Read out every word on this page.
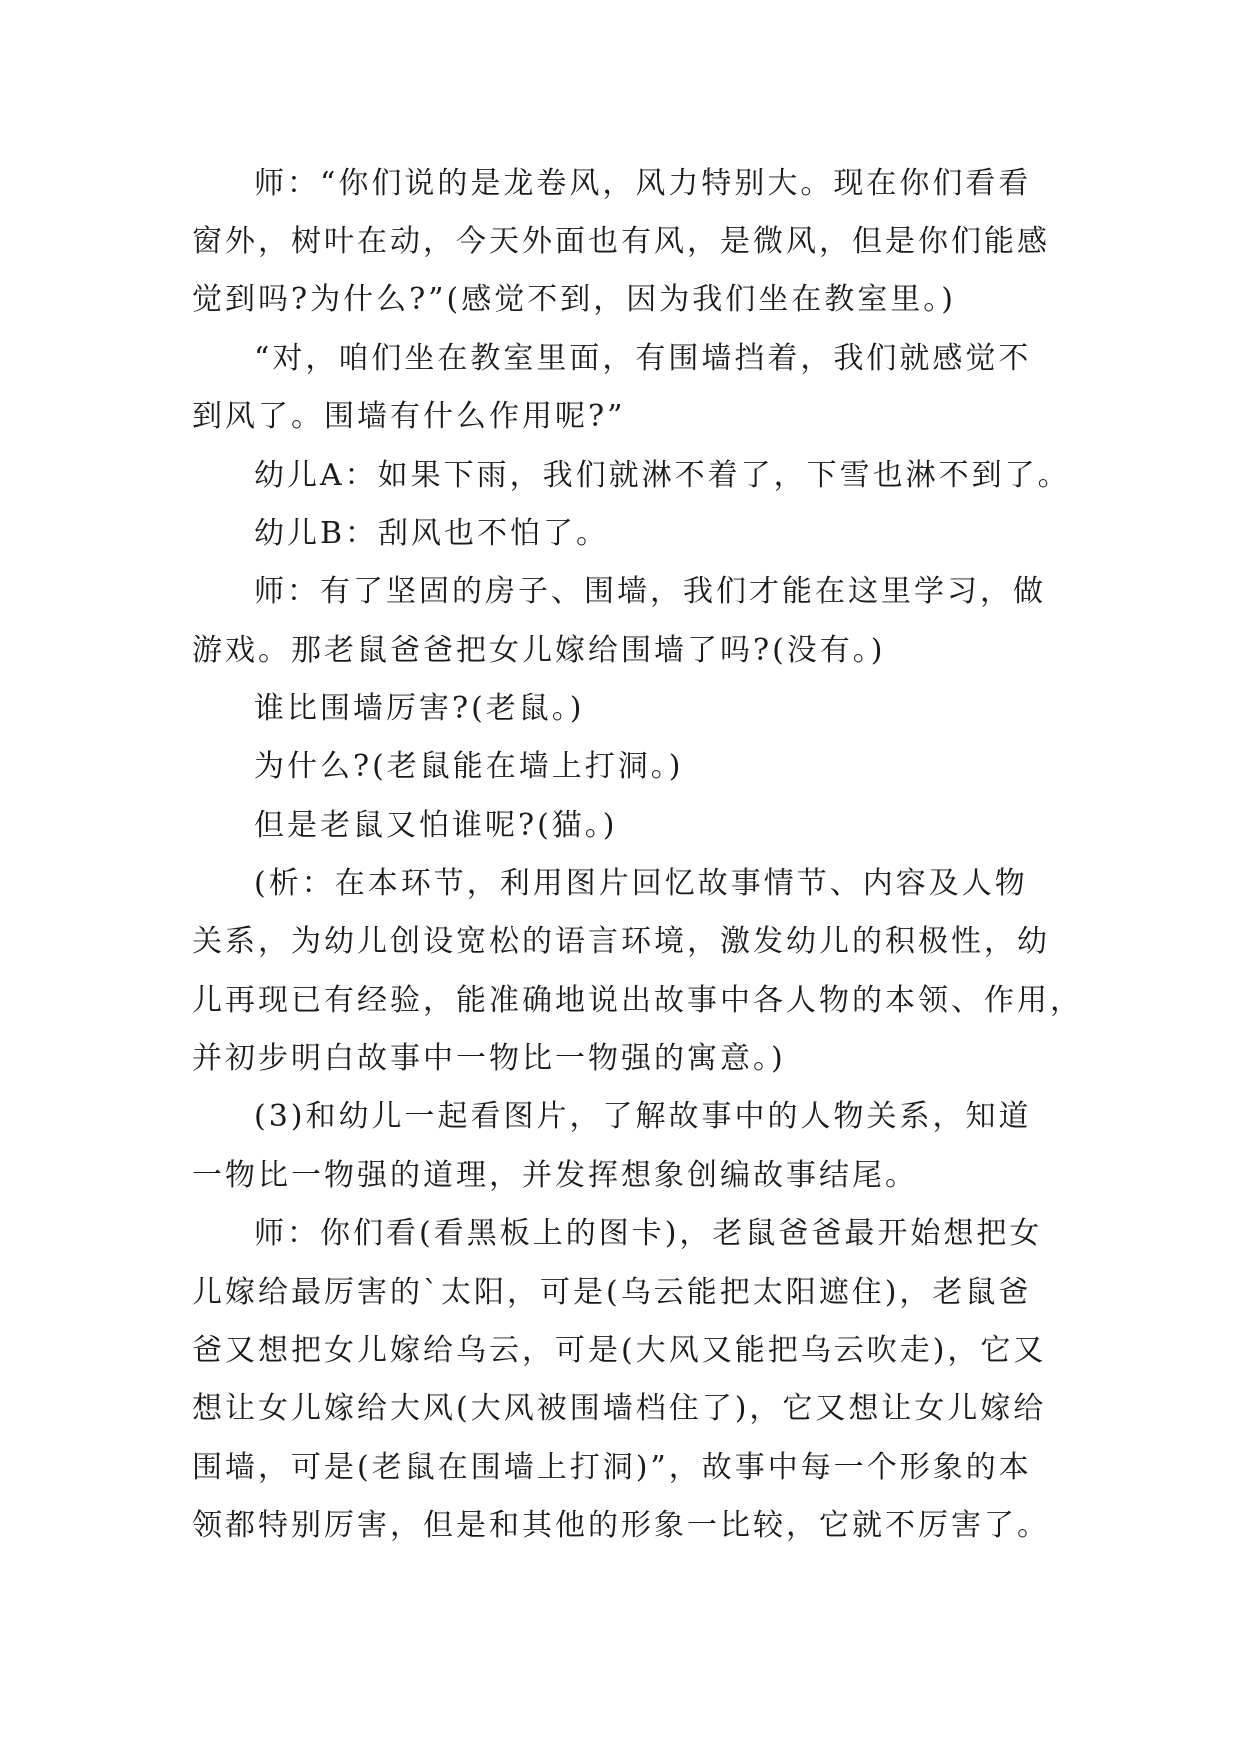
师：“你们说的是龙卷风，风力特别大。现在你们看看
窗外，树叶在动，今天外面也有风，是微风，但是你们能感
觉到吗?为什么?”(感觉不到，因为我们坐在教室里。)
“对，咱们坐在教室里面，有围墙挡着，我们就感觉不
到风了。围墙有什么作用呢?”
幼儿A：如果下雨，我们就淋不着了，下雪也淋不到了。
幼儿B：刮风也不怕了。
师：有了坚固的房子、围墙，我们才能在这里学习，做
游戏。那老鼠爸爸把女儿嫁给围墙了吗?(没有。)
谁比围墙厉害?(老鼠。)
为什么?(老鼠能在墙上打洞。)
但是老鼠又怕谁呢?(猫。)
(析：在本环节，利用图片回忆故事情节、内容及人物
关系，为幼儿创设宽松的语言环境，激发幼儿的积极性，幼
儿再现已有经验，能准确地说出故事中各人物的本领、作用，
并初步明白故事中一物比一物强的寓意。)
(3)和幼儿一起看图片，了解故事中的人物关系，知道
一物比一物强的道理，并发挥想象创编故事结尾。
师：你们看(看黑板上的图卡)，老鼠爸爸最开始想把女
儿嫁给最厉害的`太阳，可是(乌云能把太阳遮住)，老鼠爸
爸又想把女儿嫁给乌云，可是(大风又能把乌云吹走)，它又
想让女儿嫁给大风(大风被围墙档住了)，它又想让女儿嫁给
围墙，可是(老鼠在围墙上打洞)”，故事中每一个形象的本
领都特别厉害，但是和其他的形象一比较，它就不厉害了。
